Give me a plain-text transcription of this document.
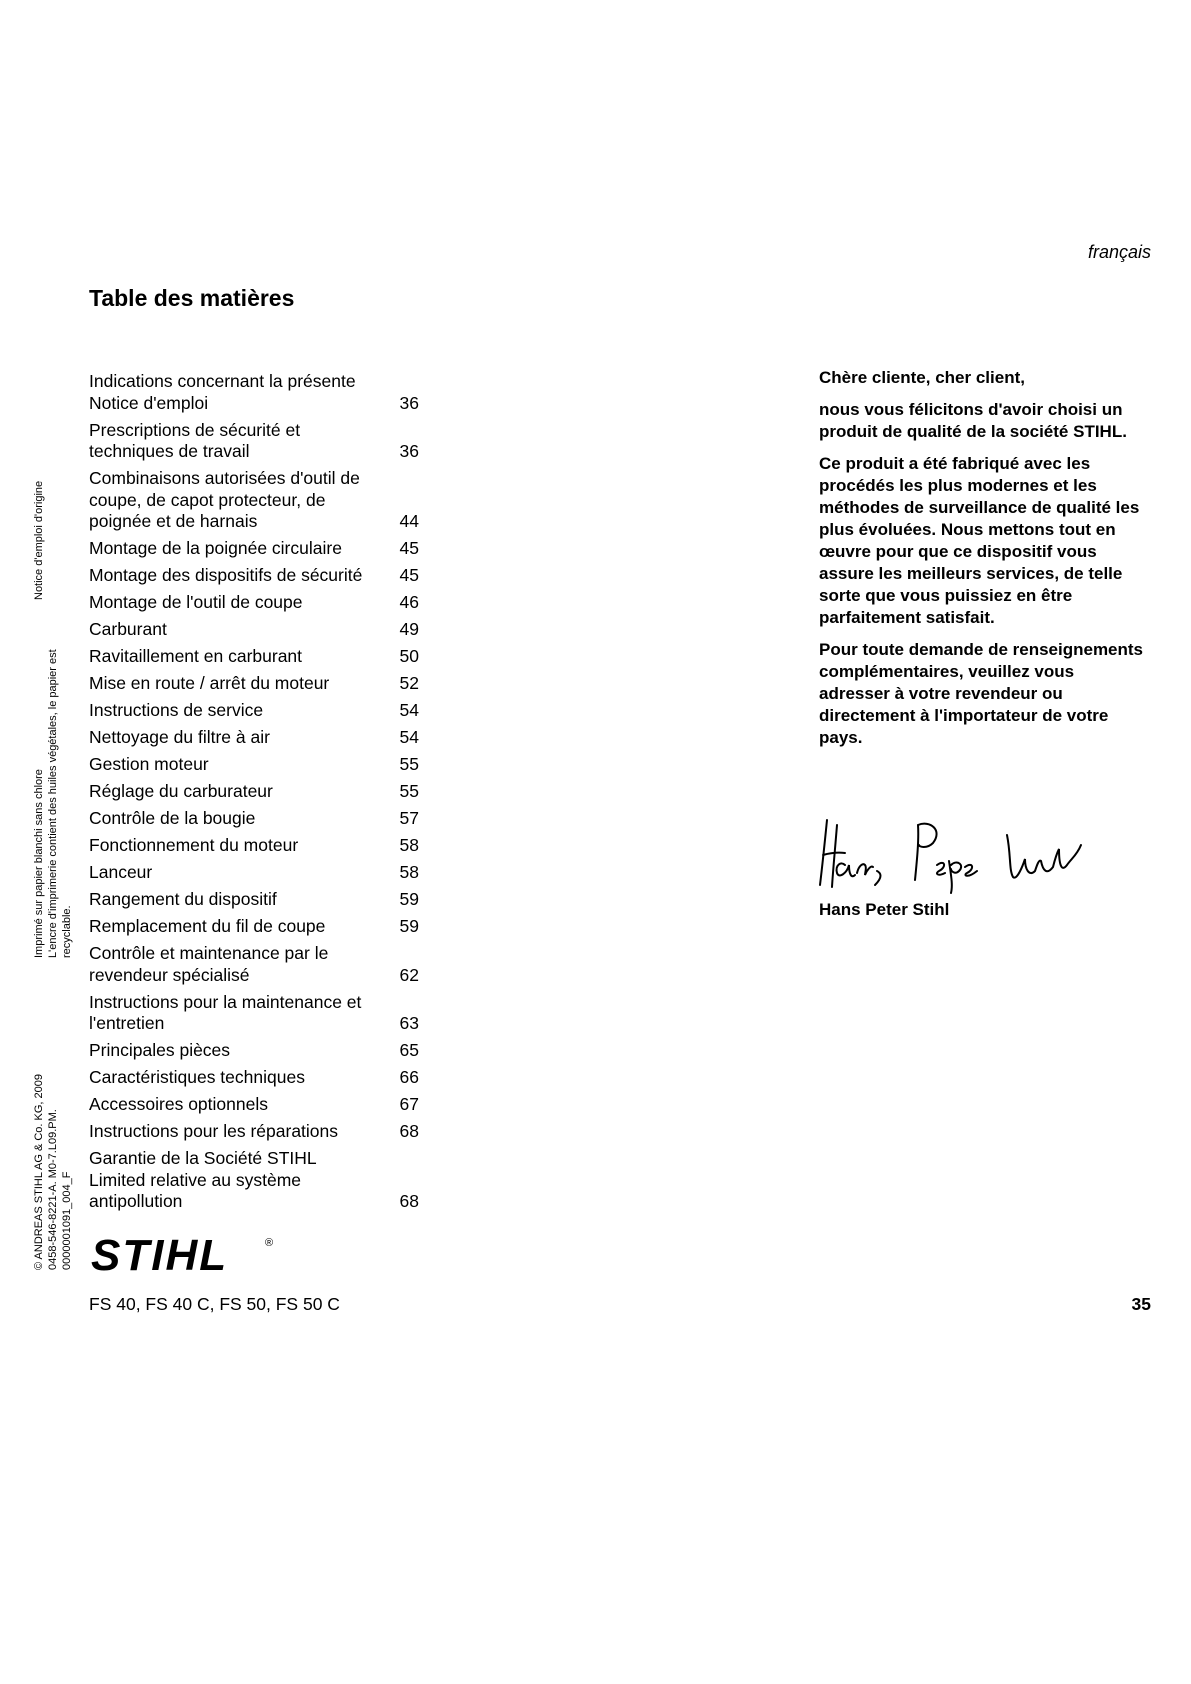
français
Table des matières
Indications concernant la présente
Notice d'emploi	36
Prescriptions de sécurité et
techniques de travail	36
Combinaisons autorisées d'outil de
coupe, de capot protecteur, de
poignée et de harnais	44
Montage de la poignée circulaire	45
Montage des dispositifs de sécurité	45
Montage de l'outil de coupe	46
Carburant	49
Ravitaillement en carburant	50
Mise en route / arrêt du moteur	52
Instructions de service	54
Nettoyage du filtre à air	54
Gestion moteur	55
Réglage du carburateur	55
Contrôle de la bougie	57
Fonctionnement du moteur	58
Lanceur	58
Rangement du dispositif	59
Remplacement du fil de coupe	59
Contrôle et maintenance par le
revendeur spécialisé	62
Instructions pour la maintenance et
l'entretien	63
Principales pièces	65
Caractéristiques techniques	66
Accessoires optionnels	67
Instructions pour les réparations	68
Garantie de la Société STIHL
Limited relative au système
antipollution	68
Notice d'emploi d'origine
Imprimé sur papier blanchi sans chlore L'encre d'imprimerie contient des huiles végétales, le papier est recyclable.
© ANDREAS STIHL AG & Co. KG, 2009 0458-546-8221-A. M0-7.L09.PM. 0000001091_004_F STIHL	®
FS 40, FS 40 C, FS 50, FS 50 C	35

Chère cliente, cher client,

nous vous félicitons d'avoir choisi un produit de qualité de la société STIHL.

Ce produit a été fabriqué avec les procédés les plus modernes et les méthodes de surveillance de qualité les plus évoluées. Nous mettons tout en œuvre pour que ce dispositif vous assure les meilleurs services, de telle sorte que vous puissiez en être parfaitement satisfait.

Pour toute demande de renseignements complémentaires, veuillez vous adresser à votre revendeur ou directement à l'importateur de votre pays.

Hans Peter Stihl
Hans Peter Stihl
